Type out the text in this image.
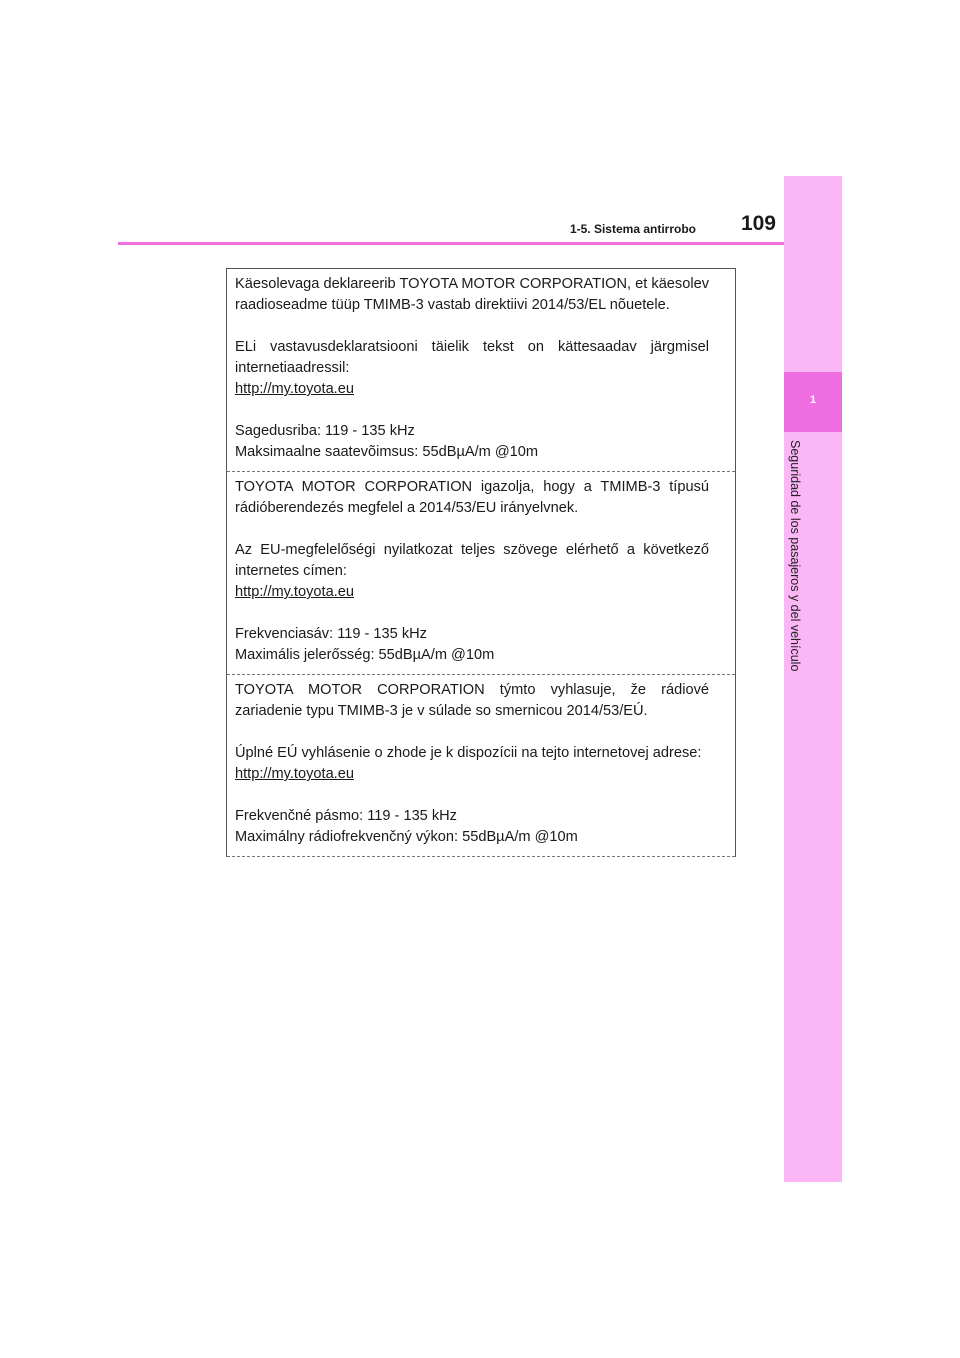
1
Seguridad de los pasajeros y del vehículo
1-5. Sistema antirrobo	109

Käesolevaga deklareerib TOYOTA MOTOR CORPORATION, et käesolev raadioseadme tüüp TMIMB-3 vastab direktiivi 2014/53/EL nõuetele.

ELi vastavusdeklaratsiooni täielik tekst on kättesaadav järgmisel internetiaadressil:

http://my.toyota.eu
Sagedusriba: 119 - 135 kHz
Maksimaalne saatevõimsus: 55dBµA/m @10m

TOYOTA MOTOR CORPORATION igazolja, hogy a TMIMB-3 típusú rádióberendezés megfelel a 2014/53/EU irányelvnek.

Az EU-megfelelőségi nyilatkozat teljes szövege elérhető a következő internetes címen:

http://my.toyota.eu
Frekvenciasáv: 119 - 135 kHz
Maximális jelerősség: 55dBµA/m @10m

TOYOTA MOTOR CORPORATION týmto vyhlasuje, že rádiové zariadenie typu TMIMB-3 je v súlade so smernicou 2014/53/EÚ.

Úplné EÚ vyhlásenie o zhode je k dispozícii na tejto internetovej adrese:

http://my.toyota.eu
Frekvenčné pásmo: 119 - 135 kHz
Maximálny rádiofrekvenčný výkon: 55dBµA/m @10m
